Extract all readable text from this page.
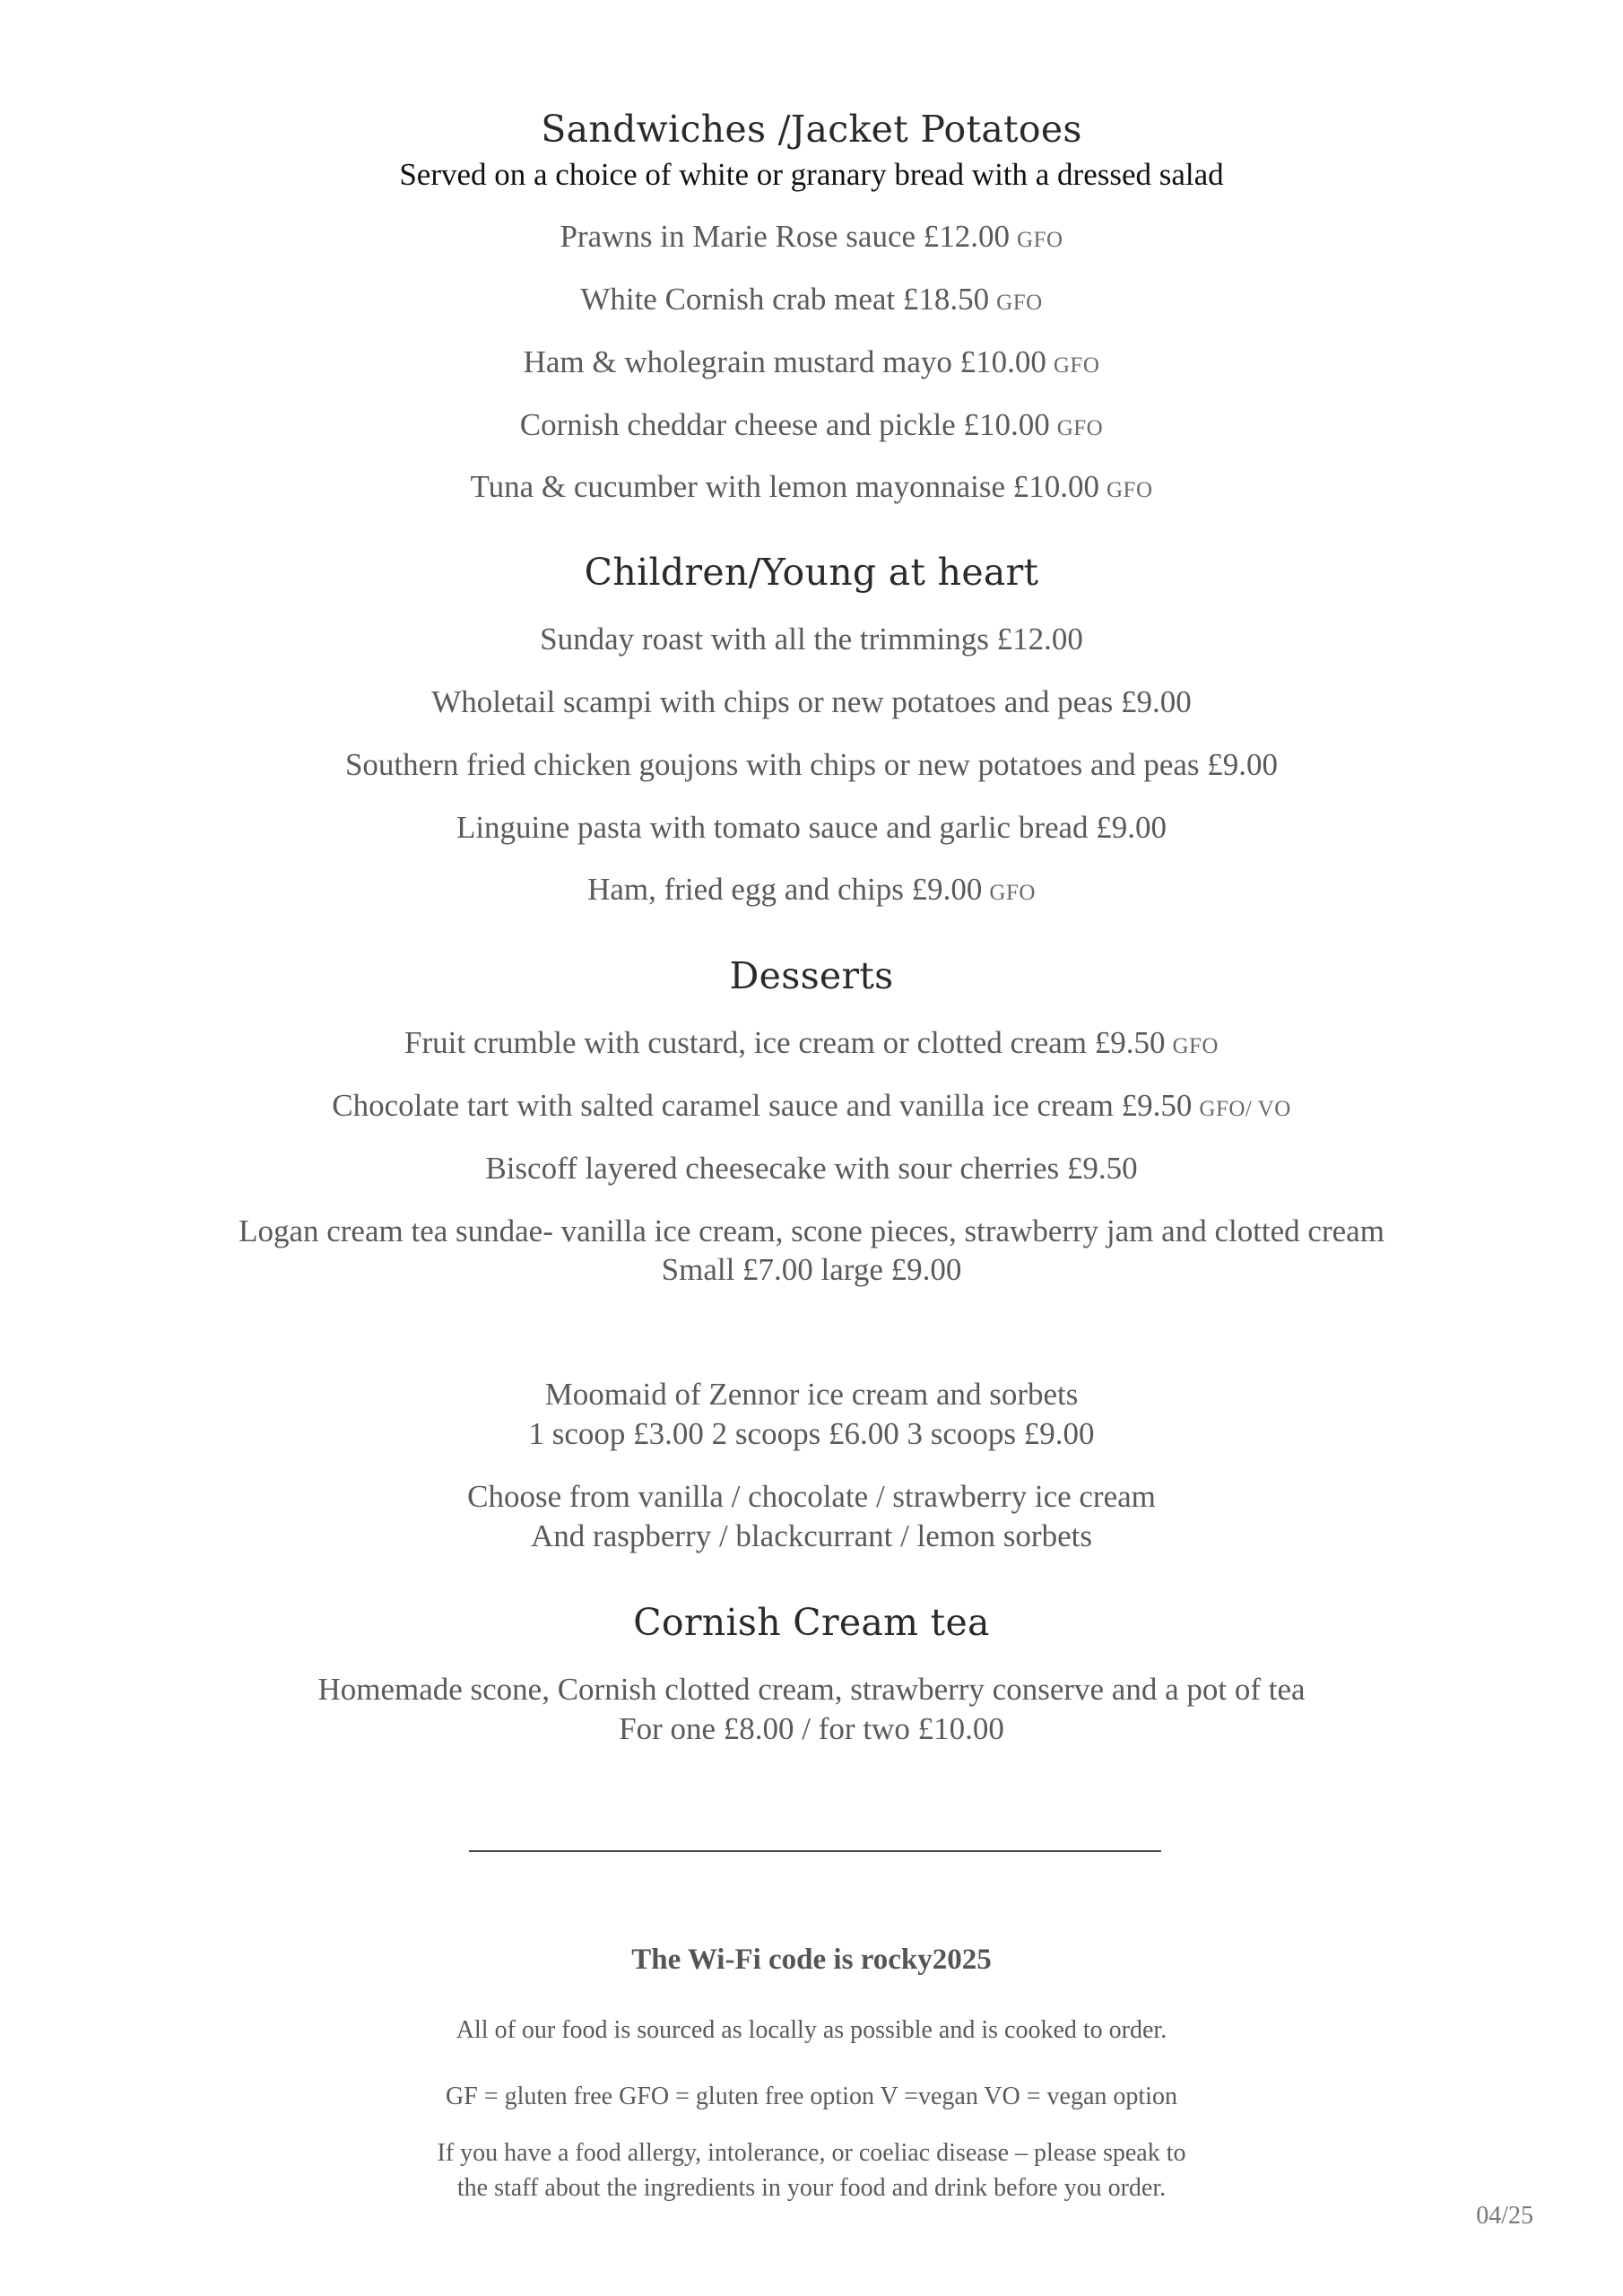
Sandwiches /Jacket Potatoes
Served on a choice of white or granary bread with a dressed salad
Prawns in Marie Rose sauce £12.00 GFO
White Cornish crab meat £18.50 GFO
Ham & wholegrain mustard mayo £10.00 GFO
Cornish cheddar cheese and pickle £10.00 GFO
Tuna & cucumber with lemon mayonnaise £10.00 GFO
Children/Young at heart
Sunday roast with all the trimmings £12.00
Wholetail scampi with chips or new potatoes and peas £9.00
Southern fried chicken goujons with chips or new potatoes and peas £9.00
Linguine pasta with tomato sauce and garlic bread £9.00
Ham, fried egg and chips £9.00 GFO
Desserts
Fruit crumble with custard, ice cream or clotted cream £9.50 GFO
Chocolate tart with salted caramel sauce and vanilla ice cream £9.50 GFO/ VO
Biscoff layered cheesecake with sour cherries £9.50
Logan cream tea sundae- vanilla ice cream, scone pieces, strawberry jam and clotted cream
Small £7.00 large £9.00
Moomaid of Zennor ice cream and sorbets
1 scoop £3.00 2 scoops £6.00 3 scoops £9.00
Choose from vanilla / chocolate / strawberry ice cream
And raspberry / blackcurrant / lemon sorbets
Cornish Cream tea
Homemade scone, Cornish clotted cream, strawberry conserve and a pot of tea
For one £8.00 / for two £10.00
The Wi-Fi code is rocky2025
All of our food is sourced as locally as possible and is cooked to order.
GF = gluten free GFO = gluten free option V =vegan VO = vegan option
If you have a food allergy, intolerance, or coeliac disease – please speak to
the staff about the ingredients in your food and drink before you order.
04/25
